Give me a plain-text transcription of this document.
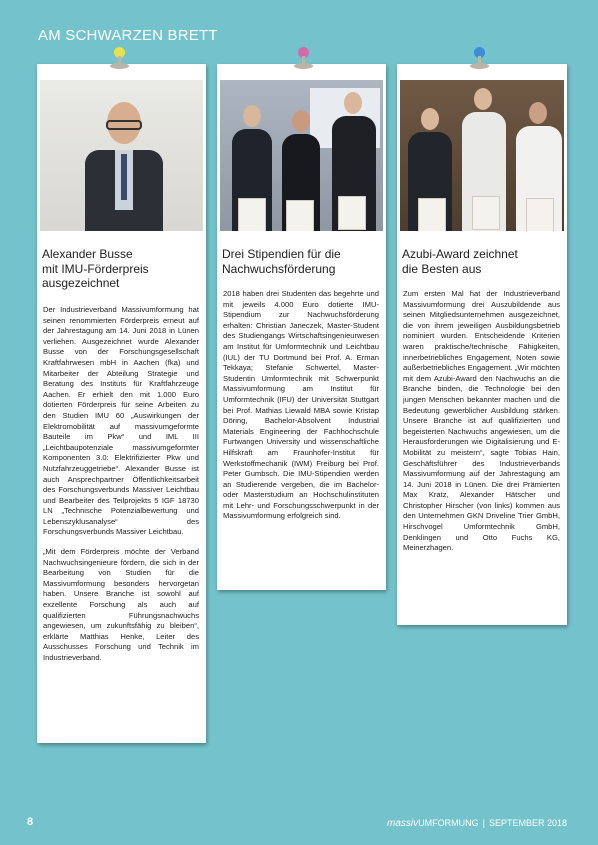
AM SCHWARZEN BRETT
Alexander Busse
mit IMU-Förderpreis
ausgezeichnet

Der Industrieverband Massivumformung hat seinen renommierten Förderpreis erneut auf der Jahrestagung am 14. Juni 2018 in Lünen verliehen. Ausgezeichnet wurde Alexander Busse von der Forschungsgesellschaft Kraftfahrwesen mbH in Aachen (fka) und Mitarbeiter der Abteilung Strategie und Beratung des Instituts für Kraftfahrzeuge Aachen. Er erhielt den mit 1.000 Euro dotierten Förderpreis für seine Arbeiten zu den Studien IMU 60 „Auswirkungen der Elektromobilität auf massivumgeformte Bauteile im Pkw“ und IML III „Leichtbaupotenziale massivumgeformter Komponenten 3.0: Elektrifizierter Pkw und Nutzfahrzeuggetriebe“. Alexander Busse ist auch Ansprechpartner Öffentlichkeitsarbeit des Forschungsverbunds Massiver Leichtbau und Bearbeiter des Teilprojekts 5 IGF 18730 LN „Technische Potenzialbewertung und Lebenszyklusanalyse“ des Forschungsverbunds Massiver Leichtbau.

„Mit dem Förderpreis möchte der Verband Nachwuchsingenieure fördern, die sich in der Bearbeitung von Studien für die Massivumformung besonders hervorgetan haben. Unsere Branche ist sowohl auf exzellente Forschung als auch auf qualifizierten Führungsnachwuchs angewiesen, um zukunftsfähig zu bleiben“, erklärte Matthias Henke, Leiter des Ausschusses Forschung und Technik im Industrieverband.

Drei Stipendien für die
Nachwuchsförderung

2018 haben drei Studenten das begehrte und mit jeweils 4.000 Euro dotierte IMU-Stipendium zur Nachwuchsförderung erhalten: Christian Janeczek, Master-Student des Studiengangs Wirtschaftsingenieurwesen am Institut für Umformtechnik und Leichtbau (IUL) der TU Dortmund bei Prof. A. Erman Tekkaya; Stefanie Schwertel, Master-Studentin Umformtechnik mit Schwerpunkt Massivumformung am Institut für Umformtechnik (IFU) der Universität Stuttgart bei Prof. Mathias Liewald MBA sowie Kristap Döring, Bachelor-Absolvent Industrial Materials Engineering der Fachhochschule Furtwangen University und wissenschaftliche Hilfskraft am Fraunhofer-Institut für Werkstoffmechanik (IWM) Freiburg bei Prof. Peter Gumbsch. Die IMU-Stipendien werden an Studierende vergeben, die im Bachelor- oder Masterstudium an Hochschulinstituten mit Lehr- und Forschungsschwerpunkt in der Massivumformung erfolgreich sind.

Azubi-Award zeichnet
die Besten aus

Zum ersten Mal hat der Industrieverband Massivumformung drei Auszubildende aus seinen Mitgliedsunternehmen ausgezeichnet, die von ihrem jeweiligen Ausbildungsbetrieb nominiert wurden. Entscheidende Kriterien waren praktische/technische Fähigkeiten, innerbetriebliches Engagement, Noten sowie außerbetriebliches Engagement. „Wir möchten mit dem Azubi-Award den Nachwuchs an die Branche binden, die Technologie bei den jungen Menschen bekannter machen und die Bedeutung gewerblicher Ausbildung stärken. Unsere Branche ist auf qualifizierten und begeisterten Nachwuchs angewiesen, um die Herausforderungen wie Digitalisierung und E-Mobilität zu meistern“, sagte Tobias Hain, Geschäftsführer des Industrieverbands Massivumformung auf der Jahrestagung am 14. Juni 2018 in Lünen. Die drei Prämierten Max Kratz, Alexander Hätscher und Christopher Hirscher (von links) kommen aus den Unternehmen GKN Driveline Trier GmbH, Hirschvogel Umformtechnik GmbH, Denklingen und Otto Fuchs KG, Meinerzhagen.

8	massivUMFORMUNG | SEPTEMBER 2018
